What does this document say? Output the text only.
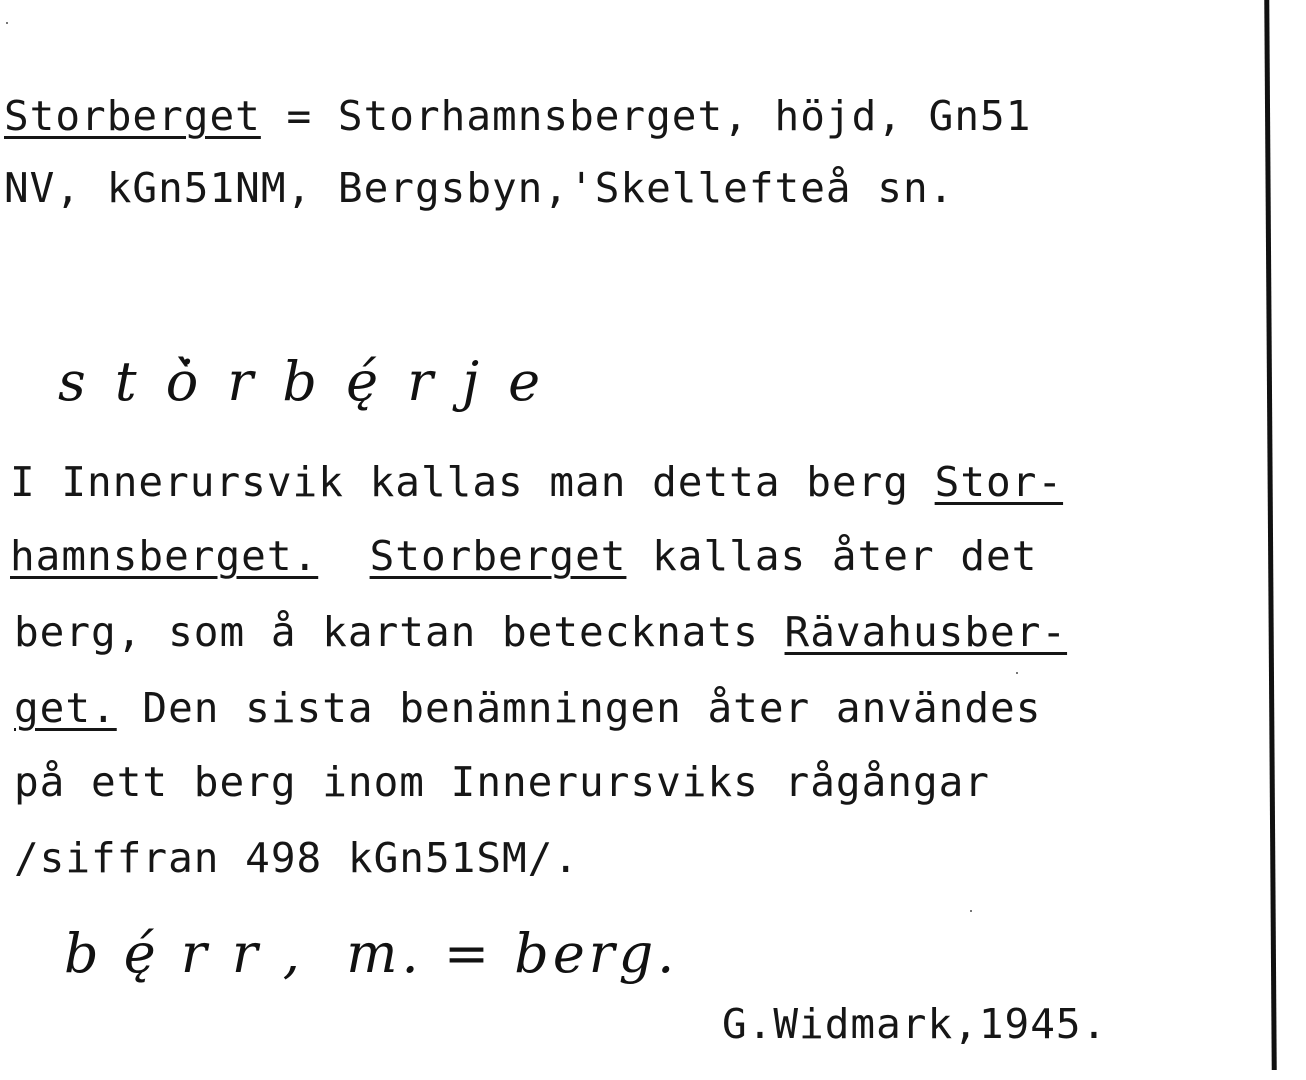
Storberget = Storhamnsberget, höjd, Gn51

NV, kGn51NM, Bergsbyn,'Skellefteå sn.

s t ȯ̀ r b ę́ r j e

I Innerursvik kallas man detta berg Stor-

hamnsberget. Storberget kallas åter det

berg, som å kartan betecknats Rävahusber-

get. Den sista benämningen åter användes

på ett berg inom Innerursviks rågångar

/siffran 498 kGn51SM/.

b ę́ r r ,  m. = berg.

G.Widmark,1945.
